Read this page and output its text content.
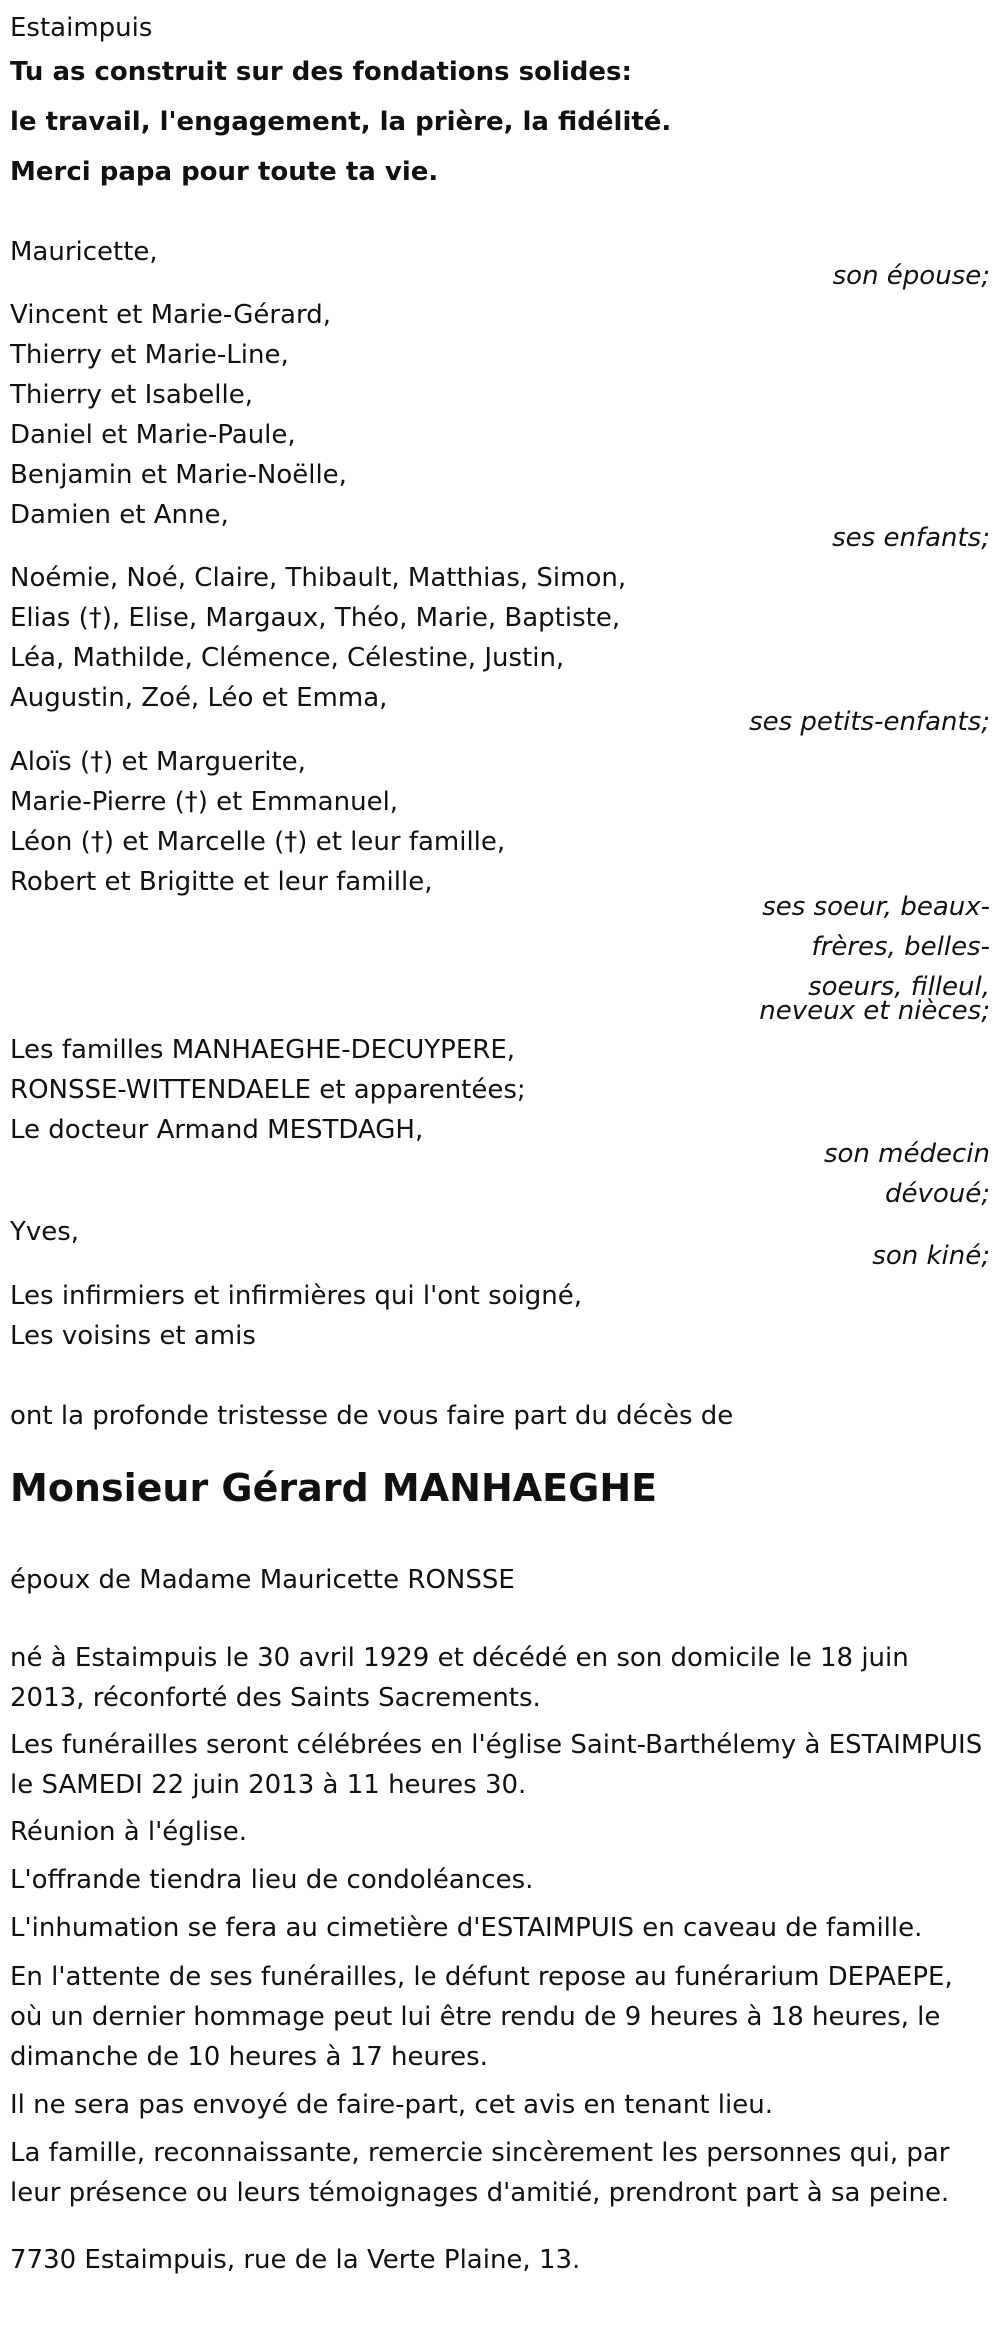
Estaimpuis

Tu as construit sur des fondations solides:

le travail, l'engagement, la prière, la fidélité.

Merci papa pour toute ta vie.

Mauricette,

son épouse;

Vincent et Marie-Gérard,

Thierry et Marie-Line,

Thierry et Isabelle,

Daniel et Marie-Paule,

Benjamin et Marie-Noëlle,

Damien et Anne,

ses enfants;

Noémie, Noé, Claire, Thibault, Matthias, Simon,

Elias (†), Elise, Margaux, Théo, Marie, Baptiste,

Léa, Mathilde, Clémence, Célestine, Justin,

Augustin, Zoé, Léo et Emma,

ses petits-enfants;

Aloïs (†) et Marguerite,

Marie-Pierre (†) et Emmanuel,

Léon (†) et Marcelle (†) et leur famille,

Robert et Brigitte et leur famille,

ses soeur, beaux-

frères, belles-

soeurs, filleul,

neveux et nièces;

Les familles MANHAEGHE-DECUYPERE,

RONSSE-WITTENDAELE et apparentées;

Le docteur Armand MESTDAGH,

son médecin

dévoué;

Yves,

son kiné;

Les infirmiers et infirmières qui l'ont soigné,

Les voisins et amis

ont la profonde tristesse de vous faire part du décès de

Monsieur Gérard MANHAEGHE

époux de Madame Mauricette RONSSE

né à Estaimpuis le 30 avril 1929 et décédé en son domicile le 18 juin 2013, réconforté des Saints Sacrements.

Les funérailles seront célébrées en l'église Saint-Barthélemy à ESTAIMPUIS le SAMEDI 22 juin 2013 à 11 heures 30.

Réunion à l'église.

L'offrande tiendra lieu de condoléances.

L'inhumation se fera au cimetière d'ESTAIMPUIS en caveau de famille.

En l'attente de ses funérailles, le défunt repose au funérarium DEPAEPE, où un dernier hommage peut lui être rendu de 9 heures à 18 heures, le dimanche de 10 heures à 17 heures.

Il ne sera pas envoyé de faire-part, cet avis en tenant lieu.

La famille, reconnaissante, remercie sincèrement les personnes qui, par leur présence ou leurs témoignages d'amitié, prendront part à sa peine.

7730 Estaimpuis, rue de la Verte Plaine, 13.
